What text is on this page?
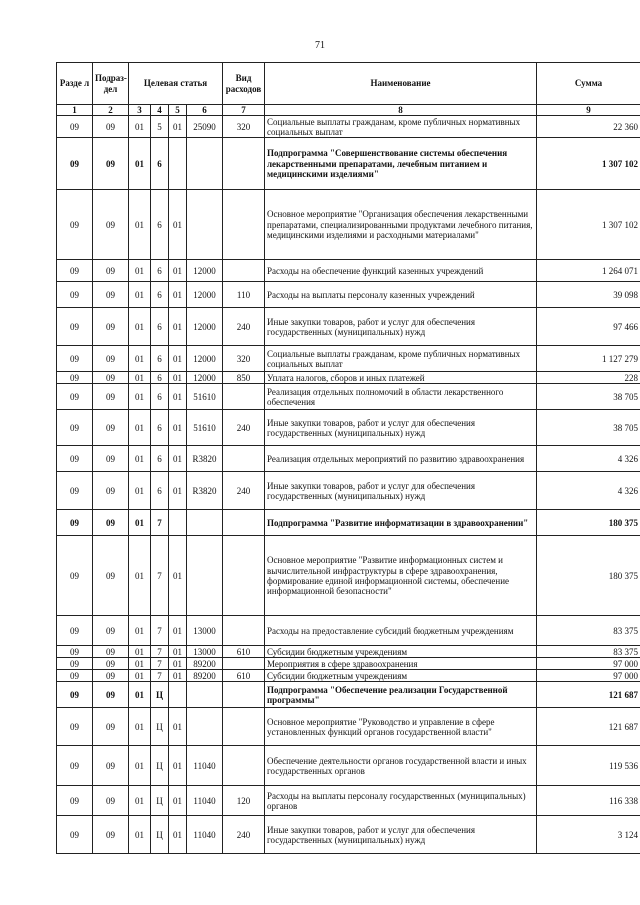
71
Разде л	Подраз- дел	Целевая статья				Вид расходов	Наименование	Сумма
1	2	3	4	5	6	7	8	9
09	09	01	5	01	25090	320	Социальные выплаты гражданам, кроме публичных нормативных социальных выплат	22 360
09	09	01	6				Подпрограмма "Совершенствование системы обеспечения лекарственными препаратами, лечебным питанием и медицинскими изделиями"	1 307 102
09	09	01	6	01			Основное мероприятие "Организация обеспечения лекарственными препаратами, специализированными продуктами лечебного питания, медицинскими изделиями и расходными материалами"	1 307 102
09	09	01	6	01	12000		Расходы на обеспечение функций казенных учреждений	1 264 071
09	09	01	6	01	12000	110	Расходы на выплаты персоналу казенных учреждений	39 098
09	09	01	6	01	12000	240	Иные закупки товаров, работ и услуг для обеспечения государственных (муниципальных) нужд	97 466
09	09	01	6	01	12000	320	Социальные выплаты гражданам, кроме публичных нормативных социальных выплат	1 127 279
09	09	01	6	01	12000	850	Уплата налогов, сборов и иных платежей	228
09	09	01	6	01	51610		Реализация отдельных полномочий в области лекарственного обеспечения	38 705
09	09	01	6	01	51610	240	Иные закупки товаров, работ и услуг для обеспечения государственных (муниципальных) нужд	38 705
09	09	01	6	01	R3820		Реализация отдельных мероприятий по развитию здравоохранения	4 326
09	09	01	6	01	R3820	240	Иные закупки товаров, работ и услуг для обеспечения государственных (муниципальных) нужд	4 326
09	09	01	7				Подпрограмма "Развитие информатизации в здравоохранении"	180 375
09	09	01	7	01			Основное мероприятие "Развитие информационных систем и вычислительной инфраструктуры в сфере здравоохранения, формирование единой информационной системы, обеспечение информационной безопасности"	180 375
09	09	01	7	01	13000		Расходы на предоставление субсидий бюджетным учреждениям	83 375
09	09	01	7	01	13000	610	Субсидии бюджетным учреждениям	83 375
09	09	01	7	01	89200		Мероприятия в сфере здравоохранения	97 000
09	09	01	7	01	89200	610	Субсидии бюджетным учреждениям	97 000
09	09	01	Ц				Подпрограмма "Обеспечение реализации Государственной программы"	121 687
09	09	01	Ц	01			Основное мероприятие "Руководство и управление в сфере установленных функций органов государственной власти"	121 687
09	09	01	Ц	01	11040		Обеспечение деятельности органов государственной власти и иных государственных органов	119 536
09	09	01	Ц	01	11040	120	Расходы на выплаты персоналу государственных (муниципальных) органов	116 338
09	09	01	Ц	01	11040	240	Иные закупки товаров, работ и услуг для обеспечения государственных (муниципальных) нужд	3 124
